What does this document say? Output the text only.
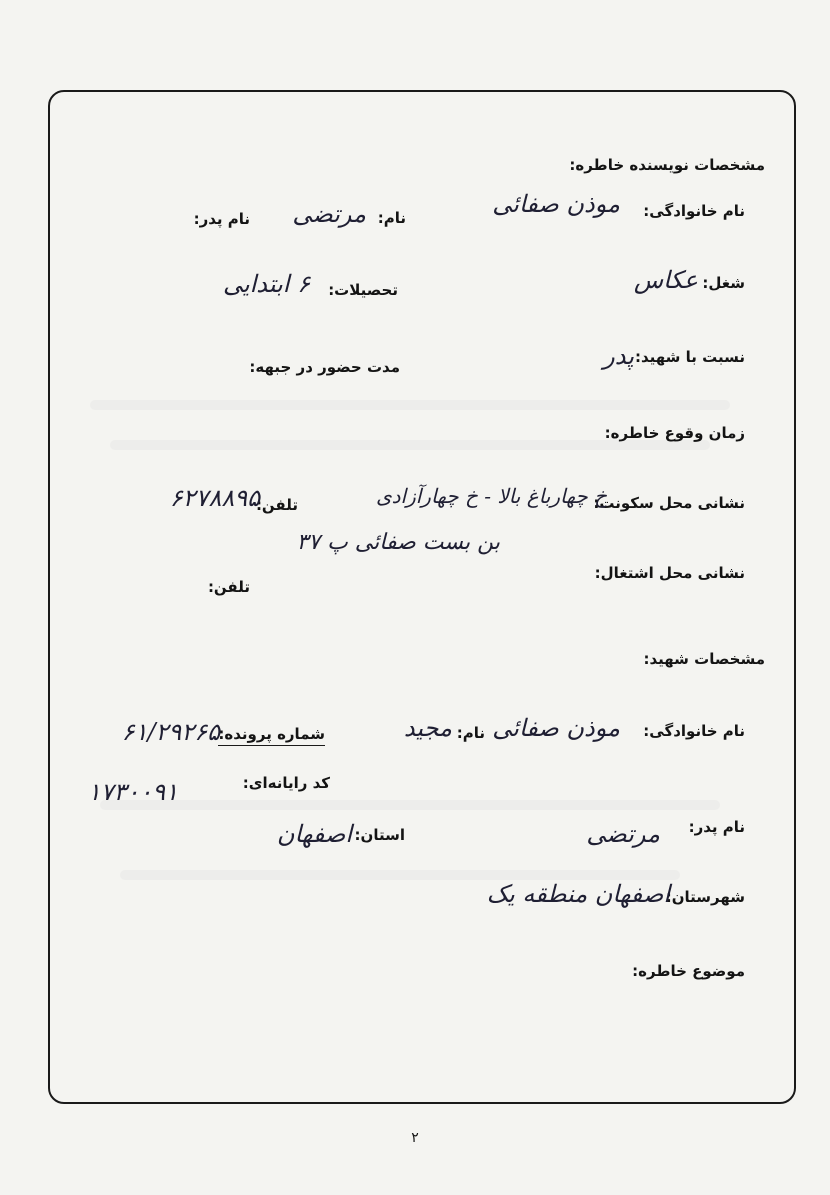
مشخصات نویسنده خاطره:
نام خانوادگی:
موذن صفائی
نام:
مرتضی
نام پدر:
شغل:
عکاس
تحصیلات:
۶ ابتدایی
نسبت با شهید:
پدر
مدت حضور در جبهه:
زمان وقوع خاطره:
نشانی محل سکونت:
خ چهارباغ بالا - خ چهارآزادی
تلفن:
۶۲۷۸۸۹۵
بن بست صفائی پ ۳۷
نشانی محل اشتغال:
تلفن:
مشخصات شهید:
نام خانوادگی:
موذن صفائی
نام:
مجید
شماره پرونده:
۶۱/۲۹۲۶۵
کد رایانه‌ای:
۱۷۳۰۰۹۱
نام پدر:
مرتضی
استان:
اصفهان
شهرستان:
اصفهان منطقه یک
موضوع خاطره:
۲
